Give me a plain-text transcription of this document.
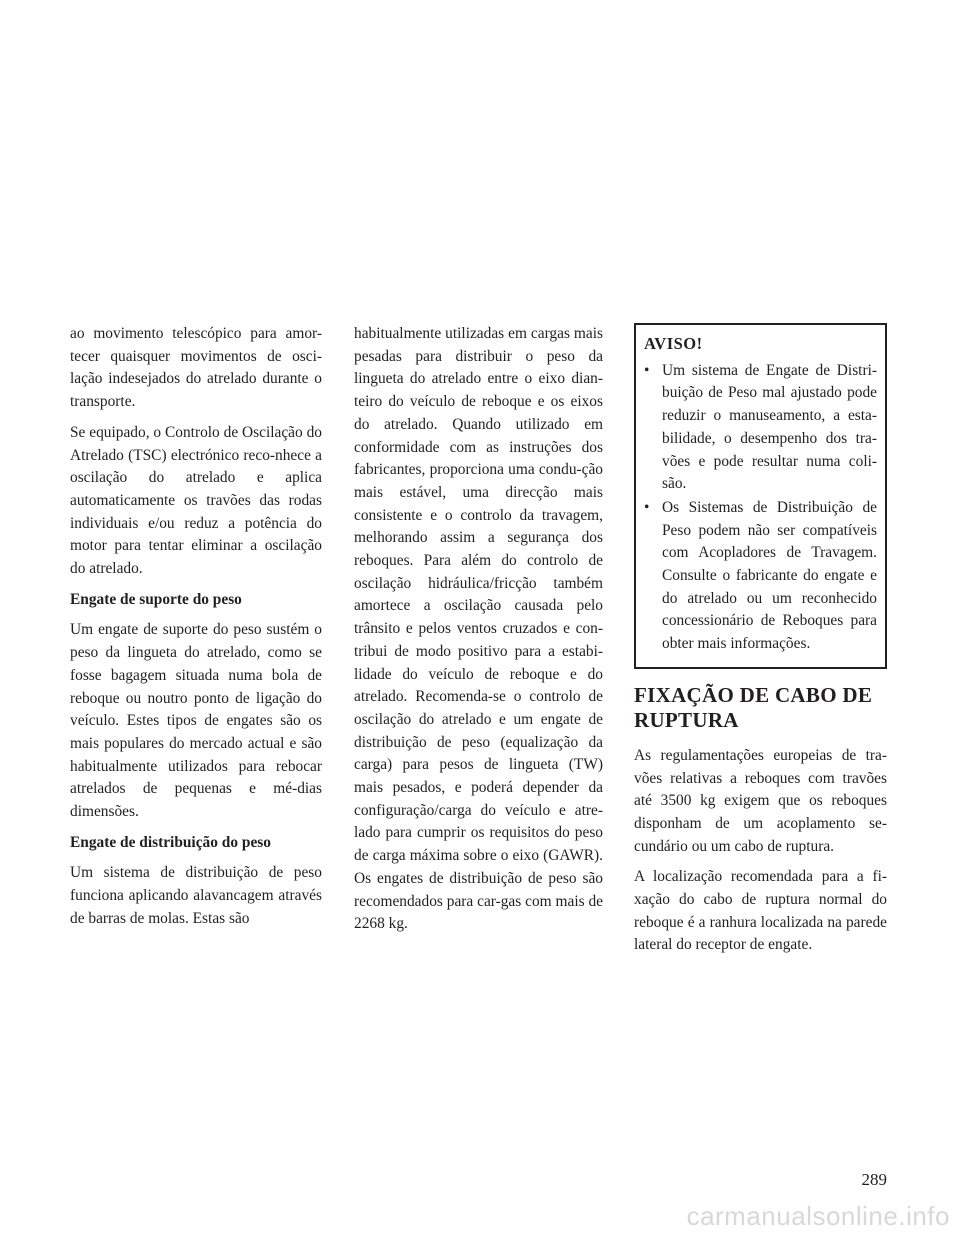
ao movimento telescópico para amor-tecer quaisquer movimentos de osci-lação indesejados do atrelado durante o transporte.

Se equipado, o Controlo de Oscilação do Atrelado (TSC) electrónico reco-nhece a oscilação do atrelado e aplica automaticamente os travões das rodas individuais e/ou reduz a potência do motor para tentar eliminar a oscilação do atrelado.

Engate de suporte do peso

Um engate de suporte do peso sustém o peso da lingueta do atrelado, como se fosse bagagem situada numa bola de reboque ou noutro ponto de ligação do veículo. Estes tipos de engates são os mais populares do mercado actual e são habitualmente utilizados para rebocar atrelados de pequenas e mé-dias dimensões.

Engate de distribuição do peso

Um sistema de distribuição de peso funciona aplicando alavancagem através de barras de molas. Estas são

habitualmente utilizadas em cargas mais pesadas para distribuir o peso da lingueta do atrelado entre o eixo dian-teiro do veículo de reboque e os eixos do atrelado. Quando utilizado em conformidade com as instruções dos fabricantes, proporciona uma condu-ção mais estável, uma direcção mais consistente e o controlo da travagem, melhorando assim a segurança dos reboques. Para além do controlo de oscilação hidráulica/fricção também amortece a oscilação causada pelo trânsito e pelos ventos cruzados e con-tribui de modo positivo para a estabi-lidade do veículo de reboque e do atrelado. Recomenda-se o controlo de oscilação do atrelado e um engate de distribuição de peso (equalização da carga) para pesos de lingueta (TW) mais pesados, e poderá depender da configuração/carga do veículo e atre-lado para cumprir os requisitos do peso de carga máxima sobre o eixo (GAWR). Os engates de distribuição de peso são recomendados para car-gas com mais de 2268 kg.

AVISO!
• Um sistema de Engate de Distri-buição de Peso mal ajustado pode reduzir o manuseamento, a esta-bilidade, o desempenho dos tra-vões e pode resultar numa coli-são.
• Os Sistemas de Distribuição de Peso podem não ser compatíveis com Acopladores de Travagem. Consulte o fabricante do engate e do atrelado ou um reconhecido concessionário de Reboques para obter mais informações.
FIXAÇÃO DE CABO DE RUPTURA

As regulamentações europeias de tra-vões relativas a reboques com travões até 3500 kg exigem que os reboques disponham de um acoplamento se-cundário ou um cabo de ruptura.

A localização recomendada para a fi-xação do cabo de ruptura normal do reboque é a ranhura localizada na parede lateral do receptor de engate.

289
carmanualsonline.info
